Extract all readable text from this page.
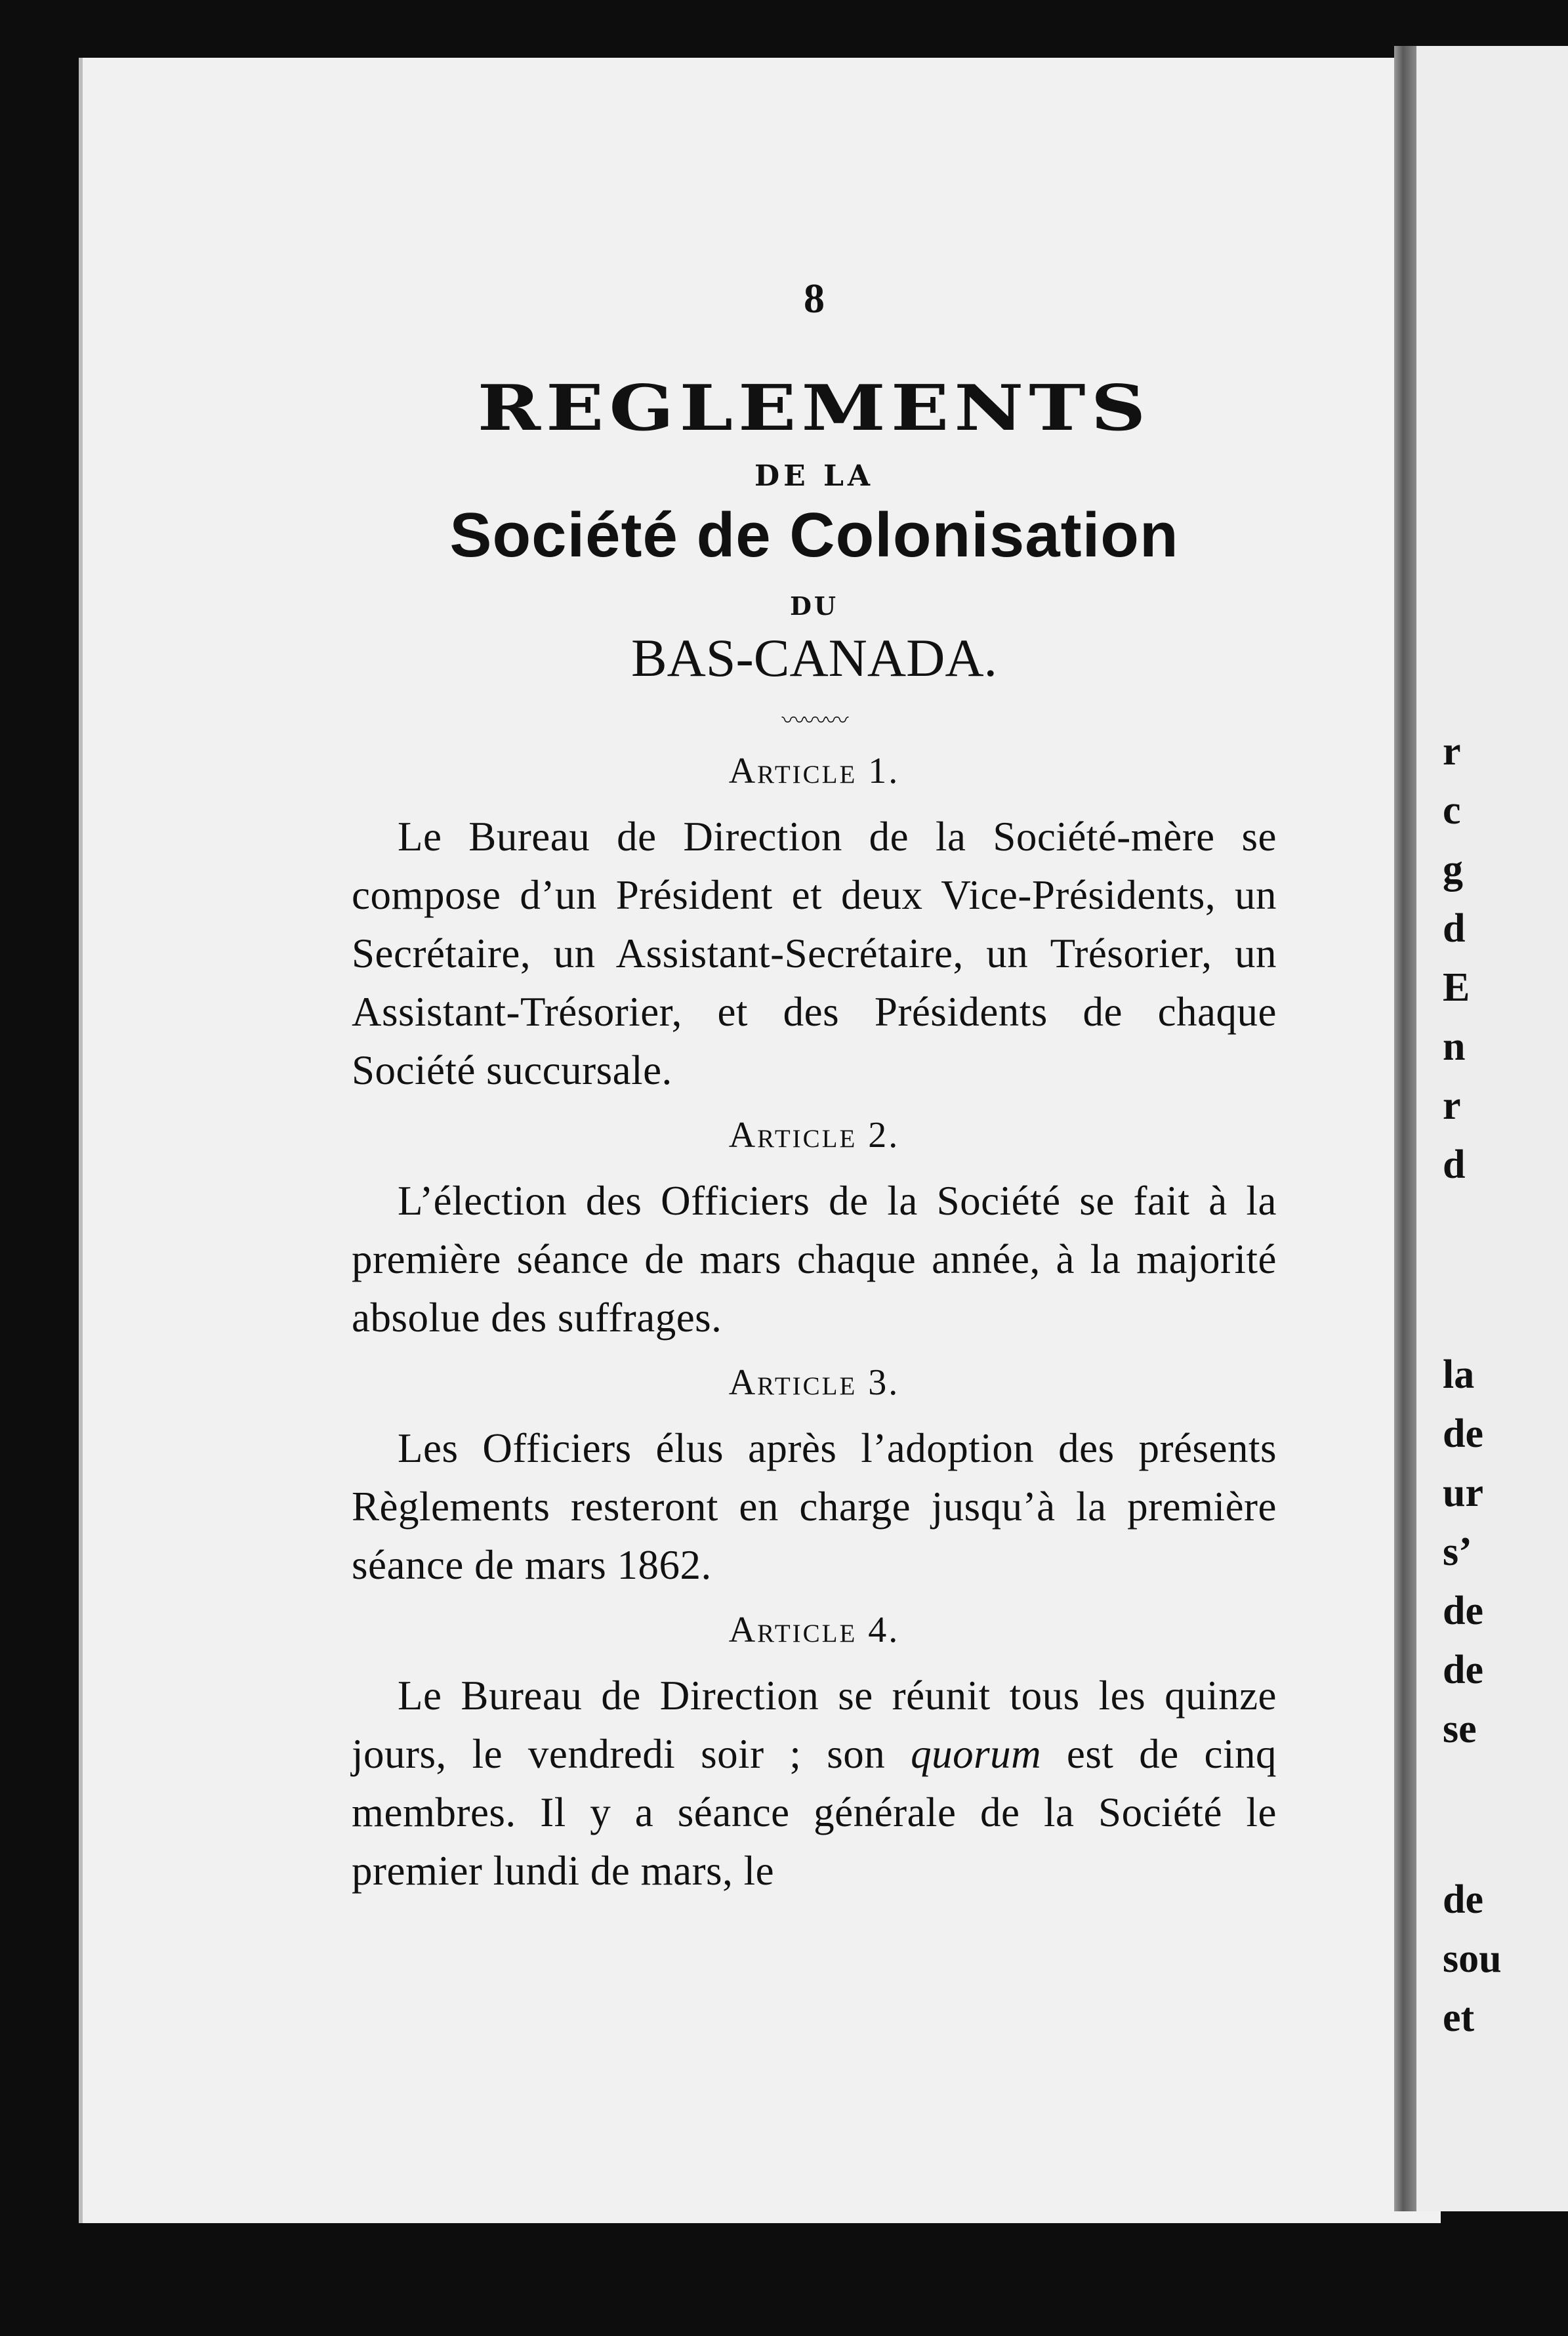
8

REGLEMENTS

DE LA

Société de Colonisation

DU

BAS-CANADA.

〰〰〰

Article 1.

Le Bureau de Direction de la Société-mère se compose d’un Président et deux Vice-Présidents, un Secrétaire, un Assistant-Secrétaire, un Trésorier, un Assistant-Trésorier, et des Présidents de chaque Société succursale.

Article 2.

L’élection des Officiers de la Société se fait à la première séance de mars chaque année, à la majorité absolue des suffrages.

Article 3.

Les Officiers élus après l’adoption des présents Règlements resteront en charge jusqu’à la première séance de mars 1862.

Article 4.

Le Bureau de Direction se réunit tous les quinze jours, le vendredi soir ; son quorum est de cinq membres. Il y a séance générale de la Société le premier lundi de mars, le

r
c
g
d
E
n
r
d
la
de
ur
s’
de
de
se
de
sou
et
